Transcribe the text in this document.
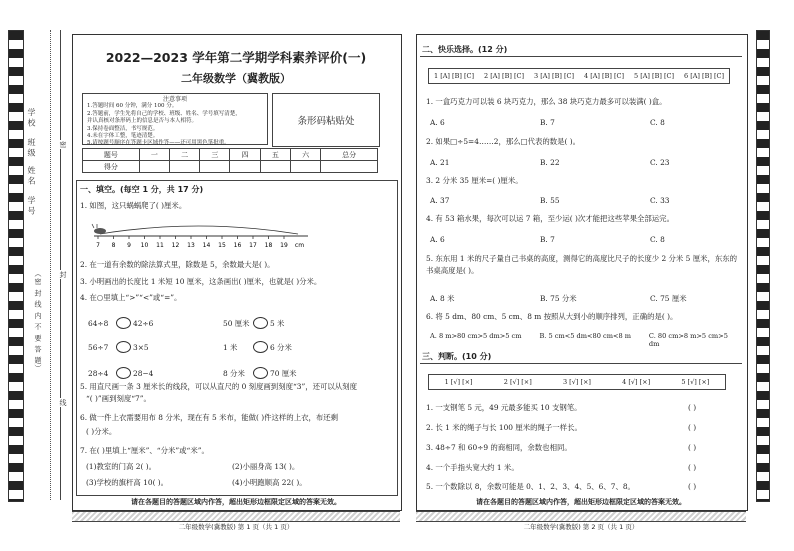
学 校
班 级
姓 名
学 号
密
封
线
（密 封 线 内 不 要 答 题）
2022—2023 学年第二学期学科素养评价(一)
二年级数学（冀教版）
注意事项
1.答题时间 60 分钟，满分 100 分。
2.答题前，学生先将自己的学校、班级、姓名、学号填写清楚，
并认真核对条形码上的信息是否与本人相符。
3.保持卷面整洁，书写规范。
4.未在字体工整，笔迹清楚。
5.请按题号顺序在答题卡区域作答——还可用黑色笔批重。
条形码粘贴处
题号	一	二	三	四	五	六	总分
得分							
一、填空。(每空 1 分，共 17 分)
1. 如图，这只蜗蜗爬了( )厘米。
7 8 9 10 11 12 13 14 15 16 17 18 19 cm
2. 在一道有余数的除法算式里，除数是 5，余数最大是( )。
3. 小明画出的长度比 1 米短 10 厘米，这条画出( )厘米，也就是( )分米。
4. 在○里填上“>”“<”或“=”。
64÷8	42÷6	50 厘米	5 米
56÷7	3×5	1 米	6 分米
28÷4	28−4	8 分米	70 厘米
5. 用直尺画一条 3 厘米长的线段，可以从直尺的 0 刻度画到刻度“3”，还可以从刻度
“( )”画到刻度“7”。
6. 做一件上衣需要用布 8 分米，现在有 5 米布，能做( )件这样的上衣，布还剩
( )分米。
7. 在( )里填上“厘米”、“分米”或“米”。
(1)教室的门高 2( )。	(2)小丽身高 13( )。
(3)学校的旗杆高 10( )。	(4)小明跑顺高 22( )。
请在各题目的答题区域内作答，超出矩形边框限定区域的答案无效。
二年级数学(冀教版) 第 1 页（共 1 页）
二、快乐选择。(12 分)
1 [A] [B] [C] 2 [A] [B] [C] 3 [A] [B] [C] 4 [A] [B] [C] 5 [A] [B] [C] 6 [A] [B] [C]
1. 一盒巧克力可以装 6 块巧克力，那么 38 块巧克力最多可以装满( )盒。
A. 6	B. 7	C. 8
2. 如果□÷5=4……2，那么□代表的数是( )。
A. 21	B. 22	C. 23
3. 2 分米 35 厘米=( )厘米。
A. 37	B. 55	C. 33
4. 有 53 箱水果，每次可以运 7 箱，至少运( )次才能把这些苹果全部运完。
A. 6	B. 7	C. 8
5. 东东用 1 米的尺子量自己书桌的高度，测得它的高度比尺子的长度少 2 分米 5 厘米，东东的书桌高度是( )。
A. 8 米	B. 75 分米	C. 75 厘米
6. 将 5 dm、80 cm、5 cm、8 m 按照从大到小的顺序排列，正确的是( )。
A. 8 m>80 cm>5 dm>5 cm	B. 5 cm<5 dm<80 cm<8 m	C. 80 cm>8 m>5 cm>5 dm
三、判断。(10 分)
1 [√] [×]	2 [√] [×]	3 [√] [×]	4 [√] [×]	5 [√] [×]
1. 一支钢笔 5 元，49 元最多能买 10 支钢笔。	( )
2. 长 1 米的绳子与长 100 厘米的绳子一样长。	( )
3. 48÷7 和 60÷9 的商相同，余数也相同。	( )
4. 一个手指头宽大约 1 米。	( )
5. 一个数除以 8，余数可能是 0、1、2、3、4、5、6、7、8。	( )
请在各题目的答题区域内作答，超出矩形边框限定区域的答案无效。
二年级数学(冀教版) 第 2 页（共 1 页）
